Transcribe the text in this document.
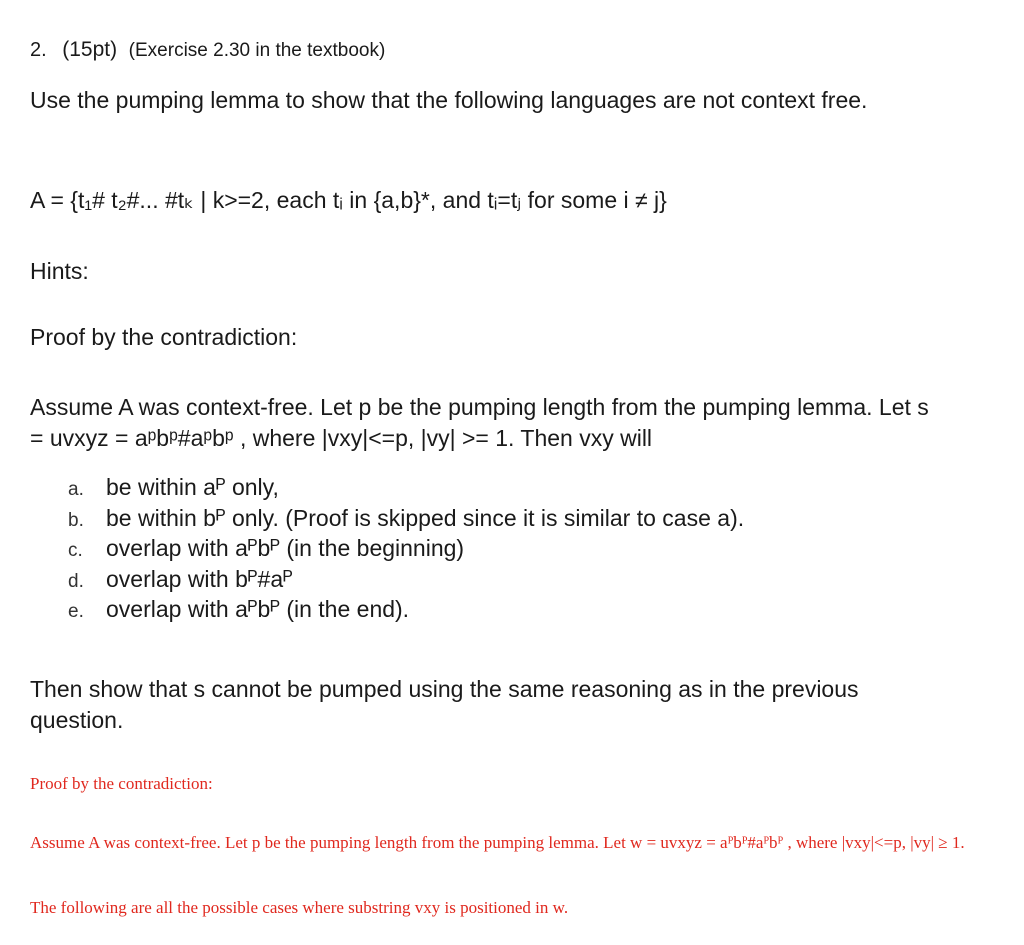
2. (15pt) (Exercise 2.30 in the textbook)
Use the pumping lemma to show that the following languages are not context free.
A = {t₁# t₂#... #tₖ | k>=2, each tᵢ in {a,b}*, and tᵢ=tⱼ for some i ≠ j}
Hints:
Proof by the contradiction:
Assume A was context-free. Let p be the pumping length from the pumping lemma. Let s = uvxyz = aᵖbᵖ#aᵖbᵖ , where |vxy|<=p, |vy| >= 1. Then vxy will
a. be within aᴾ only,
b. be within bᴾ only. (Proof is skipped since it is similar to case a).
c. overlap with aᴾbᴾ (in the beginning)
d. overlap with bᴾ#aᴾ
e. overlap with aᴾbᴾ (in the end).
Then show that s cannot be pumped using the same reasoning as in the previous question.
Proof by the contradiction:
Assume A was context-free. Let p be the pumping length from the pumping lemma. Let w = uvxyz = aᴾbᴾ#aᴾbᴾ , where |vxy|<=p, |vy| ≥ 1.
The following are all the possible cases where substring vxy is positioned in w.
